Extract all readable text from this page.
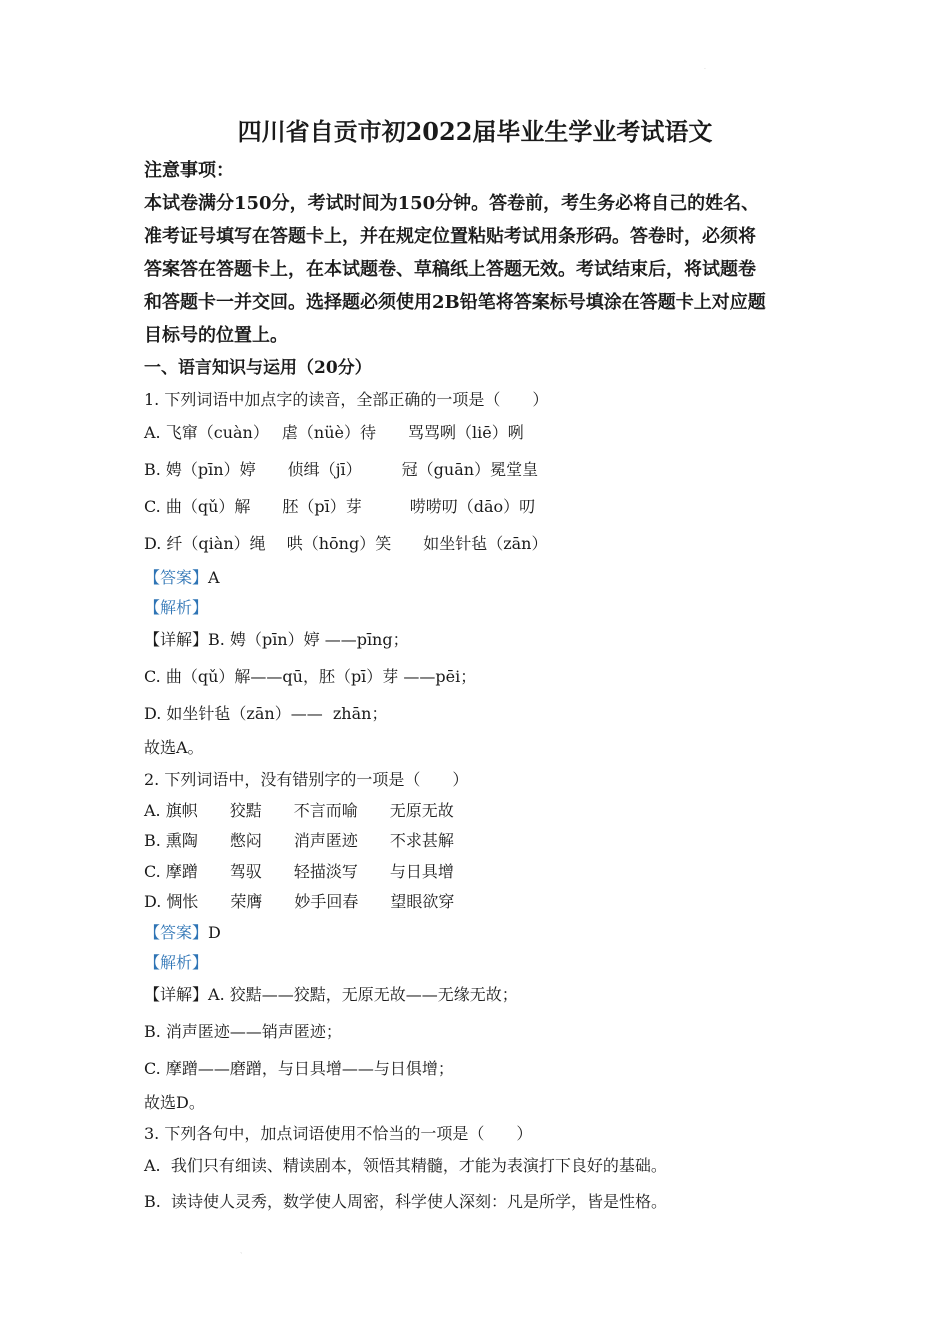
.
四川省自贡市初2022届毕业生学业考试语文
注意事项：
本试卷满分150分，考试时间为150分钟。答卷前，考生务必将自己的姓名、
准考证号填写在答题卡上，并在规定位置粘贴考试用条形码。答卷时，必须将
答案答在答题卡上，在本试题卷、草稿纸上答题无效。考试结束后，将试题卷
和答题卡一并交回。选择题必须使用2B铅笔将答案标号填涂在答题卡上对应题
目标号的位置上。
一、语言知识与运用（20分）
1. 下列词语中加点字的读音，全部正确的一项是（　　）
A. 飞窜（cuàn）　 虐（nüè）待　　骂骂咧（liē）咧
B. 娉（pīn）婷　　侦缉（jī）　　　冠（guān）冕堂皇
C. 曲（qǔ）解　　胚（pī）芽　　　唠唠叨（dāo）叨
D. 纤（qiàn）绳　 哄（hōng）笑　　如坐针毡（zān）
【答案】A
【解析】
【详解】B. 娉（pīn）婷 ——pīng；
C. 曲（qǔ）解——qū，胚（pī）芽 ——pēi；
D. 如坐针毡（zān）——  zhān；
故选A。
2. 下列词语中，没有错别字的一项是（　　）
A. 旗帜　　狡黠　　不言而喻　　无原无故
B. 熏陶　　憋闷　　消声匿迹　　不求甚解
C. 摩蹭　　驾驭　　轻描淡写　　与日具增
D. 惆怅　　荣膺　　妙手回春　　望眼欲穿
【答案】D
【解析】
【详解】A. 狡黠——狡黠，无原无故——无缘无故；
B. 消声匿迹——销声匿迹；
C. 摩蹭——磨蹭，与日具增——与日俱增；
故选D。
3. 下列各句中，加点词语使用不恰当的一项是（　　）
A.  我们只有细读、精读剧本，领悟其精髓，才能为表演打下良好的基础。
B.  读诗使人灵秀，数学使人周密，科学使人深刻：凡是所学，皆是性格。
、
